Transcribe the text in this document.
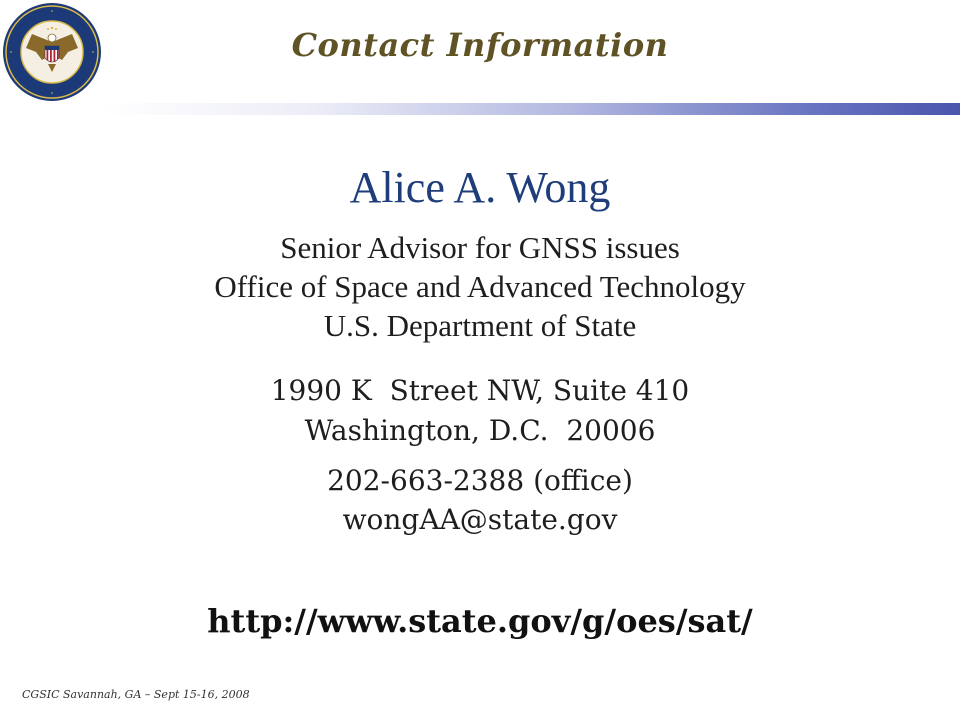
Contact Information
Alice A. Wong
Senior Advisor for GNSS issues
Office of Space and Advanced Technology
U.S. Department of State
1990 K  Street NW, Suite 410
Washington, D.C.  20006
202-663-2388 (office)
wongAA@state.gov
http://www.state.gov/g/oes/sat/
CGSIC Savannah, GA – Sept 15-16, 2008
